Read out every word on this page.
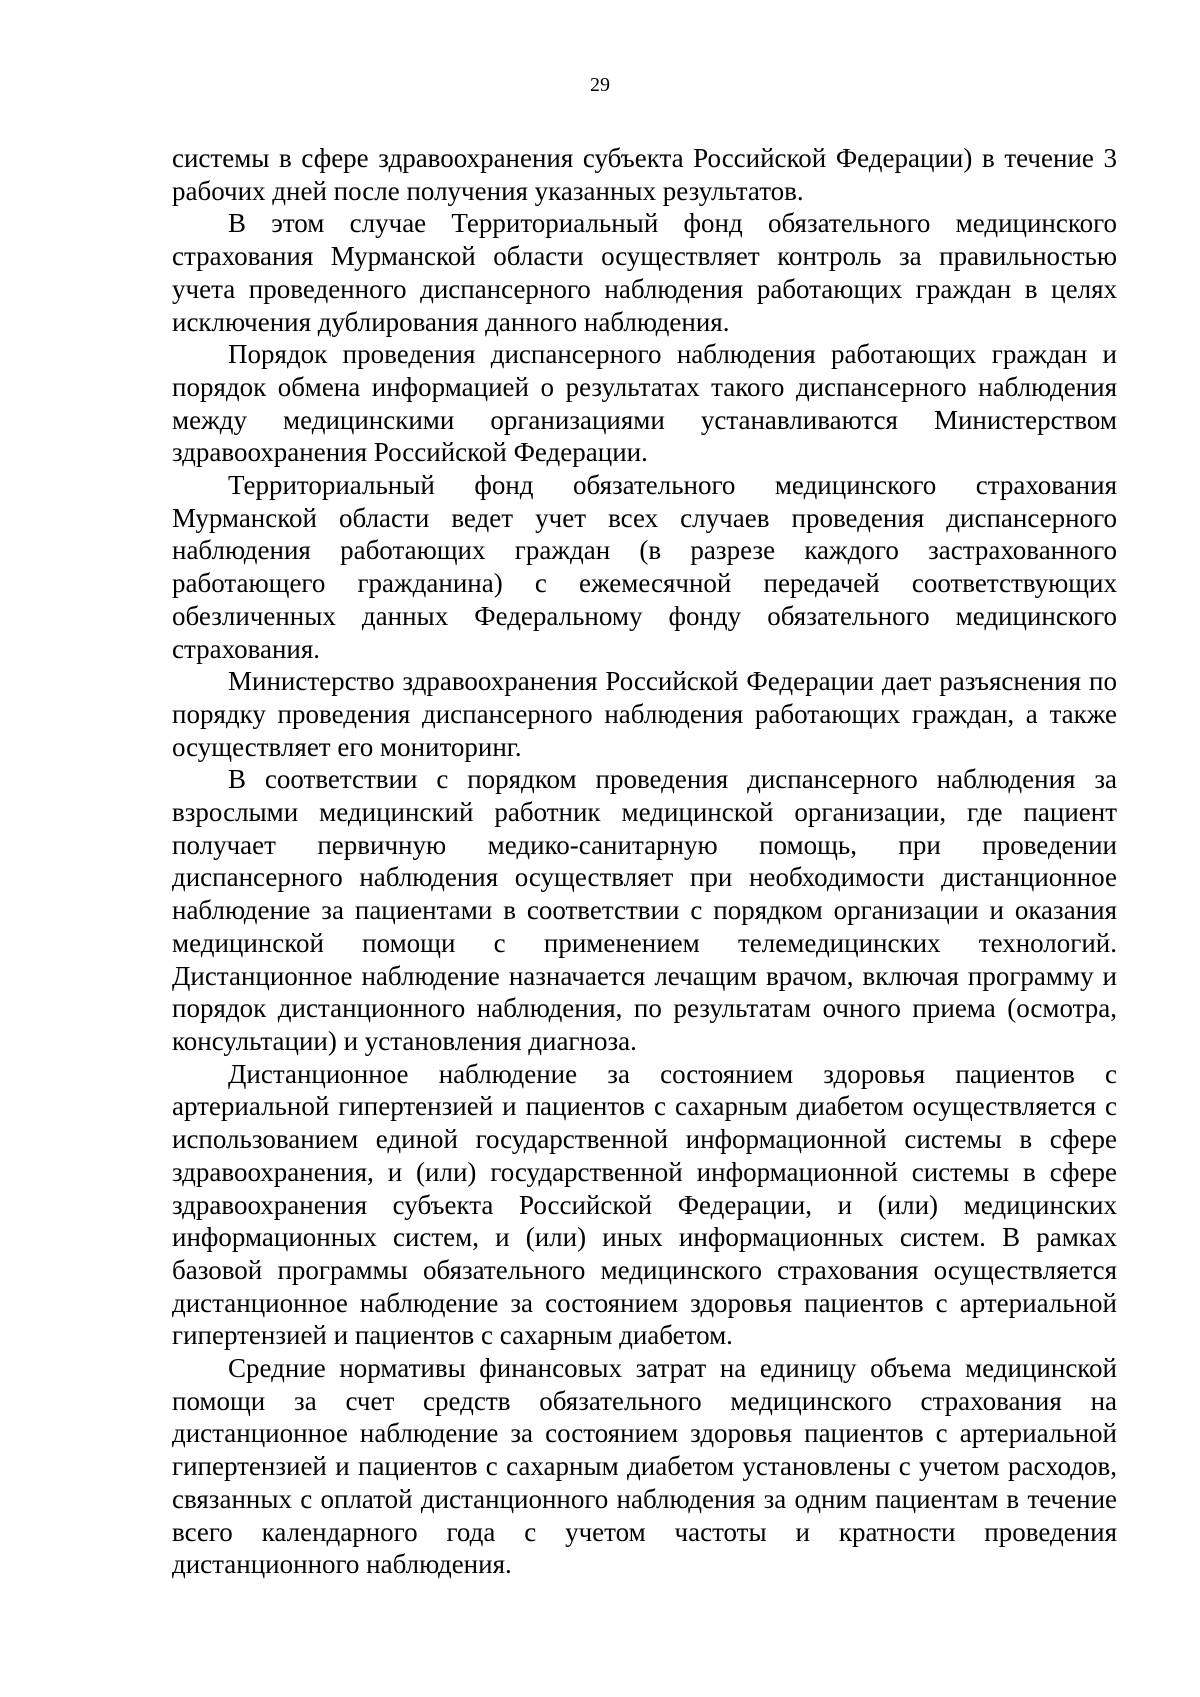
29

системы в сфере здравоохранения субъекта Российской Федерации) в течение 3 рабочих дней после получения указанных результатов.

В этом случае Территориальный фонд обязательного медицинского страхования Мурманской области осуществляет контроль за правильностью учета проведенного диспансерного наблюдения работающих граждан в целях исключения дублирования данного наблюдения.

Порядок проведения диспансерного наблюдения работающих граждан и порядок обмена информацией о результатах такого диспансерного наблюдения между медицинскими организациями устанавливаются Министерством здравоохранения Российской Федерации.

Территориальный фонд обязательного медицинского страхования Мурманской области ведет учет всех случаев проведения диспансерного наблюдения работающих граждан (в разрезе каждого застрахованного работающего гражданина) с ежемесячной передачей соответствующих обезличенных данных Федеральному фонду обязательного медицинского страхования.

Министерство здравоохранения Российской Федерации дает разъяснения по порядку проведения диспансерного наблюдения работающих граждан, а также осуществляет его мониторинг.

В соответствии с порядком проведения диспансерного наблюдения за взрослыми медицинский работник медицинской организации, где пациент получает первичную медико-санитарную помощь, при проведении диспансерного наблюдения осуществляет при необходимости дистанционное наблюдение за пациентами в соответствии с порядком организации и оказания медицинской помощи с применением телемедицинских технологий. Дистанционное наблюдение назначается лечащим врачом, включая программу и порядок дистанционного наблюдения, по результатам очного приема (осмотра, консультации) и установления диагноза.

Дистанционное наблюдение за состоянием здоровья пациентов с артериальной гипертензией и пациентов с сахарным диабетом осуществляется с использованием единой государственной информационной системы в сфере здравоохранения, и (или) государственной информационной системы в сфере здравоохранения субъекта Российской Федерации, и (или) медицинских информационных систем, и (или) иных информационных систем. В рамках базовой программы обязательного медицинского страхования осуществляется дистанционное наблюдение за состоянием здоровья пациентов с артериальной гипертензией и пациентов с сахарным диабетом.

Средние нормативы финансовых затрат на единицу объема медицинской помощи за счет средств обязательного медицинского страхования на дистанционное наблюдение за состоянием здоровья пациентов с артериальной гипертензией и пациентов с сахарным диабетом установлены с учетом расходов, связанных с оплатой дистанционного наблюдения за одним пациентам в течение всего календарного года с учетом частоты и кратности проведения дистанционного наблюдения.
